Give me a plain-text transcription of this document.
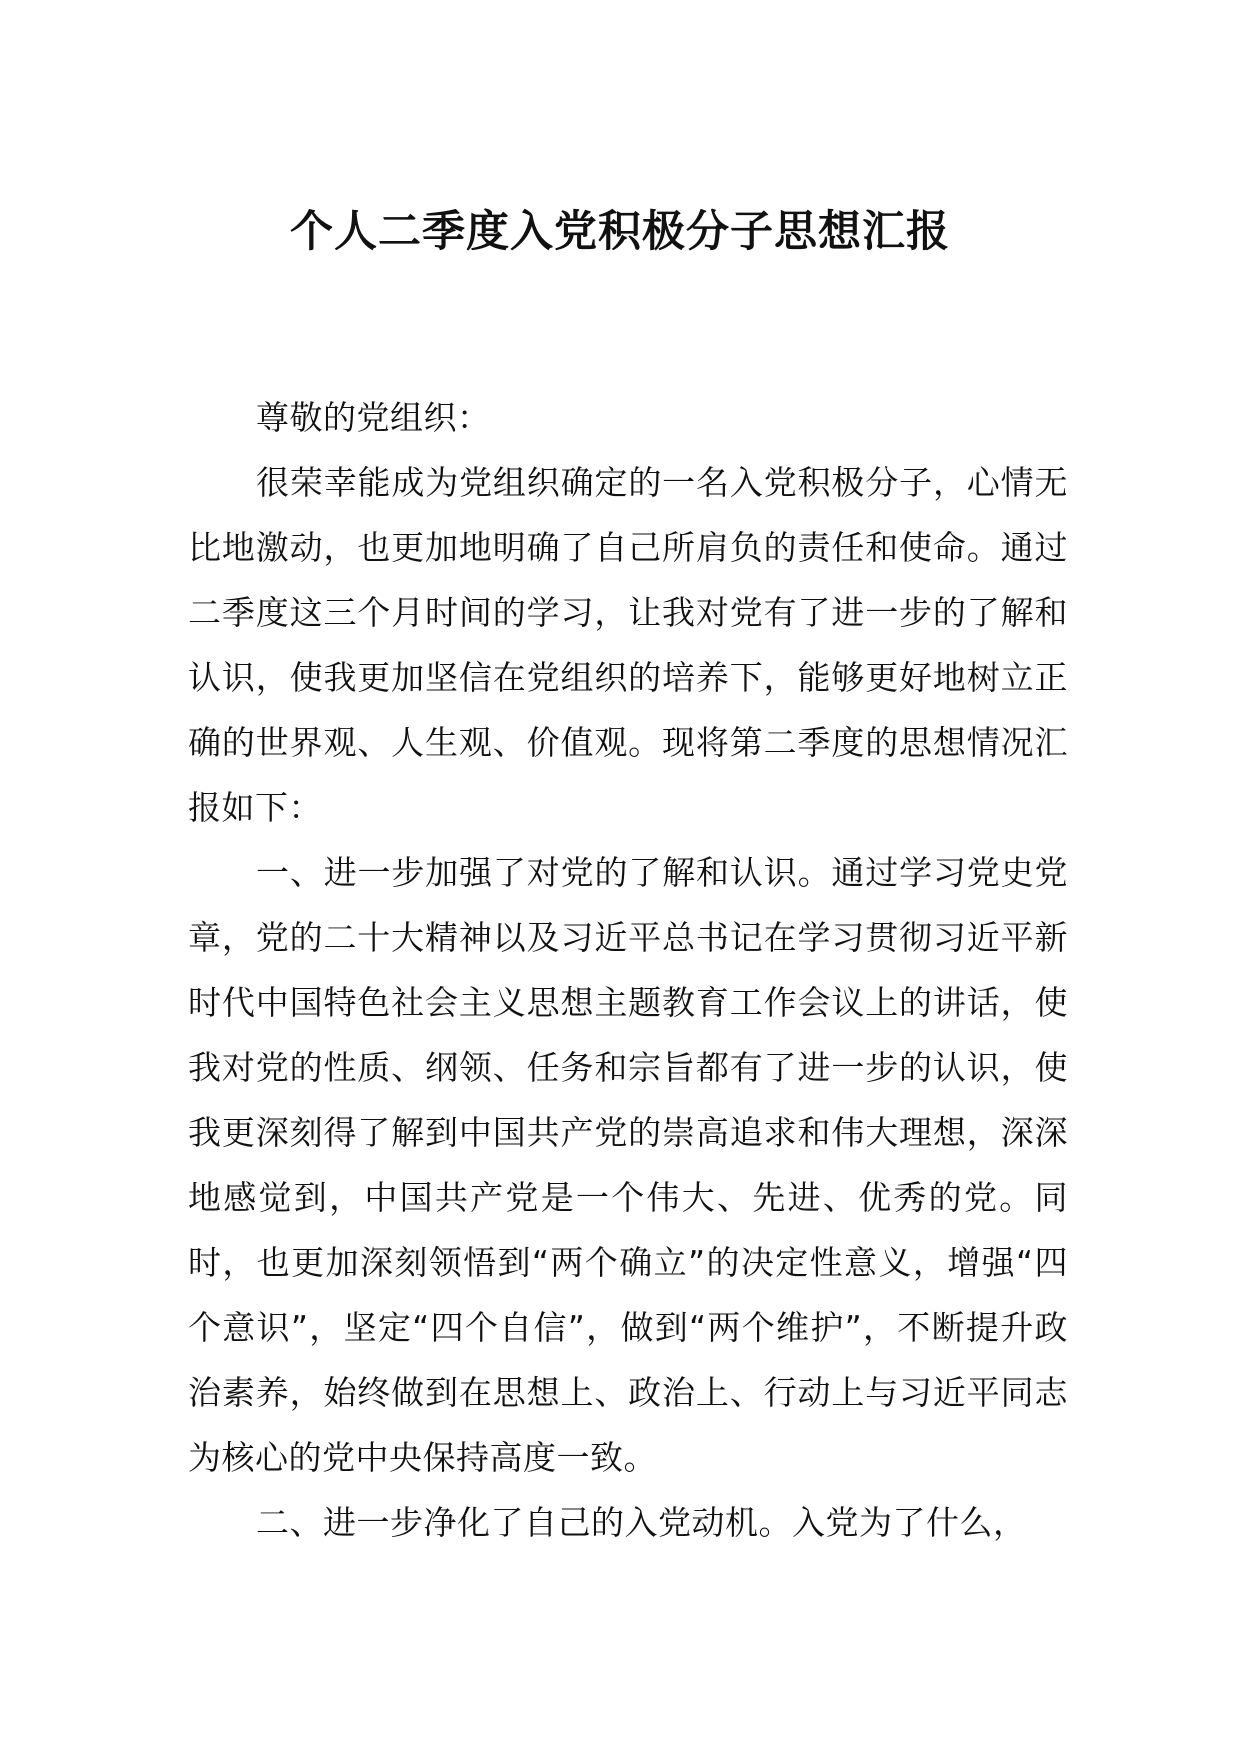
个人二季度入党积极分子思想汇报

尊敬的党组织：

很荣幸能成为党组织确定的一名入党积极分子，心情无比地激动，也更加地明确了自己所肩负的责任和使命。通过二季度这三个月时间的学习，让我对党有了进一步的了解和认识，使我更加坚信在党组织的培养下，能够更好地树立正确的世界观、人生观、价值观。现将第二季度的思想情况汇报如下：

一、进一步加强了对党的了解和认识。通过学习党史党章，党的二十大精神以及习近平总书记在学习贯彻习近平新时代中国特色社会主义思想主题教育工作会议上的讲话，使我对党的性质、纲领、任务和宗旨都有了进一步的认识，使我更深刻得了解到中国共产党的崇高追求和伟大理想，深深地感觉到，中国共产党是一个伟大、先进、优秀的党。同时，也更加深刻领悟到“两个确立”的决定性意义，增强“四个意识”，坚定“四个自信”，做到“两个维护”，不断提升政治素养，始终做到在思想上、政治上、行动上与习近平同志为核心的党中央保持高度一致。

二、进一步净化了自己的入党动机。入党为了什么，
